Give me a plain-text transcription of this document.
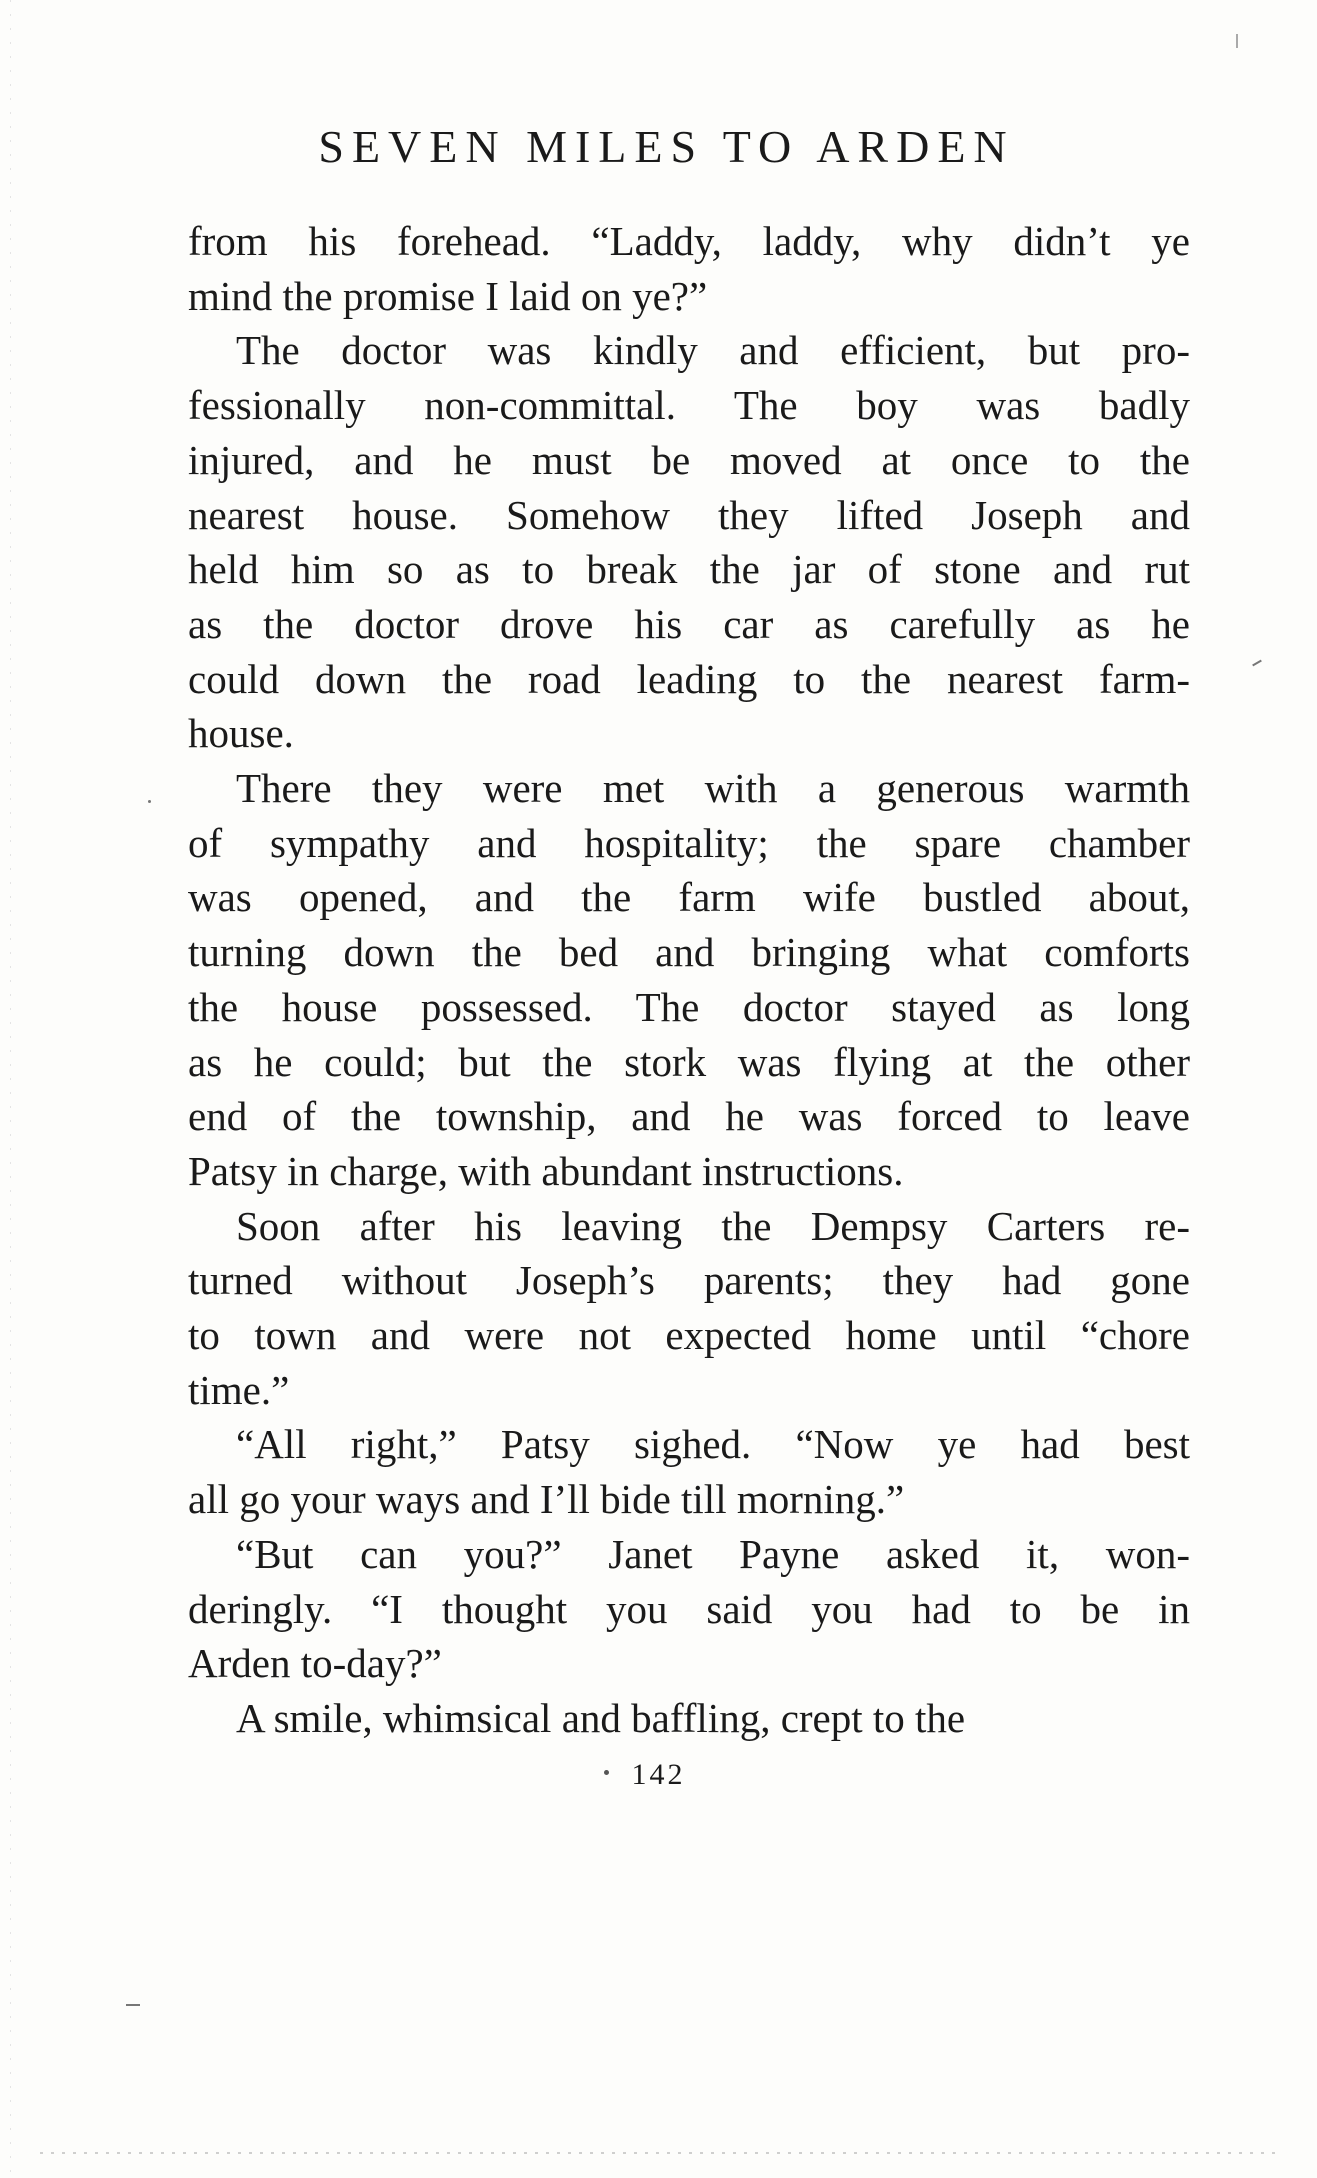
SEVEN MILES TO ARDEN

from his forehead. “Laddy, laddy, why didn’t ye
mind the promise I laid on ye?”

The doctor was kindly and efficient, but pro-
fessionally non-committal. The boy was badly
injured, and he must be moved at once to the
nearest house. Somehow they lifted Joseph and
held him so as to break the jar of stone and rut
as the doctor drove his car as carefully as he
could down the road leading to the nearest farm-
house.

There they were met with a generous warmth
of sympathy and hospitality; the spare chamber
was opened, and the farm wife bustled about,
turning down the bed and bringing what comforts
the house possessed. The doctor stayed as long
as he could; but the stork was flying at the other
end of the township, and he was forced to leave
Patsy in charge, with abundant instructions.

Soon after his leaving the Dempsy Carters re-
turned without Joseph’s parents; they had gone
to town and were not expected home until “chore
time.”

“All right,” Patsy sighed. “Now ye had best
all go your ways and I’ll bide till morning.”

“But can you?” Janet Payne asked it, won-
deringly. “I thought you said you had to be in
Arden to-day?”

A smile, whimsical and baffling, crept to the

142
